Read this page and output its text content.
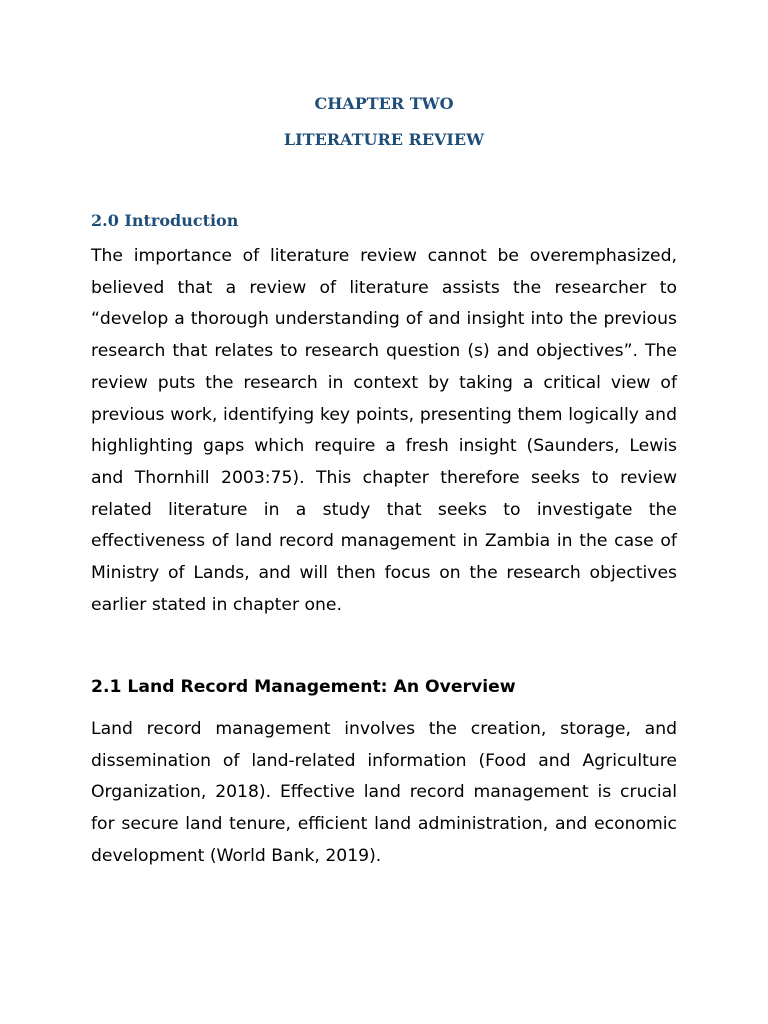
CHAPTER TWO
LITERATURE REVIEW
2.0 Introduction

The importance of literature review cannot be overemphasized, believed that a review of literature assists the researcher to “develop a thorough understanding of and insight into the previous research that relates to research question (s) and objectives”. The review puts the research in context by taking a critical view of previous work, identifying key points, presenting them logically and highlighting gaps which require a fresh insight (Saunders, Lewis and Thornhill 2003:75). This chapter therefore seeks to review related literature in a study that seeks to investigate the effectiveness of land record management in Zambia in the case of Ministry of Lands, and will then focus on the research objectives earlier stated in chapter one.

2.1 Land Record Management: An Overview

Land record management involves the creation, storage, and dissemination of land-related information (Food and Agriculture Organization, 2018). Effective land record management is crucial for secure land tenure, efficient land administration, and economic development (World Bank, 2019).
